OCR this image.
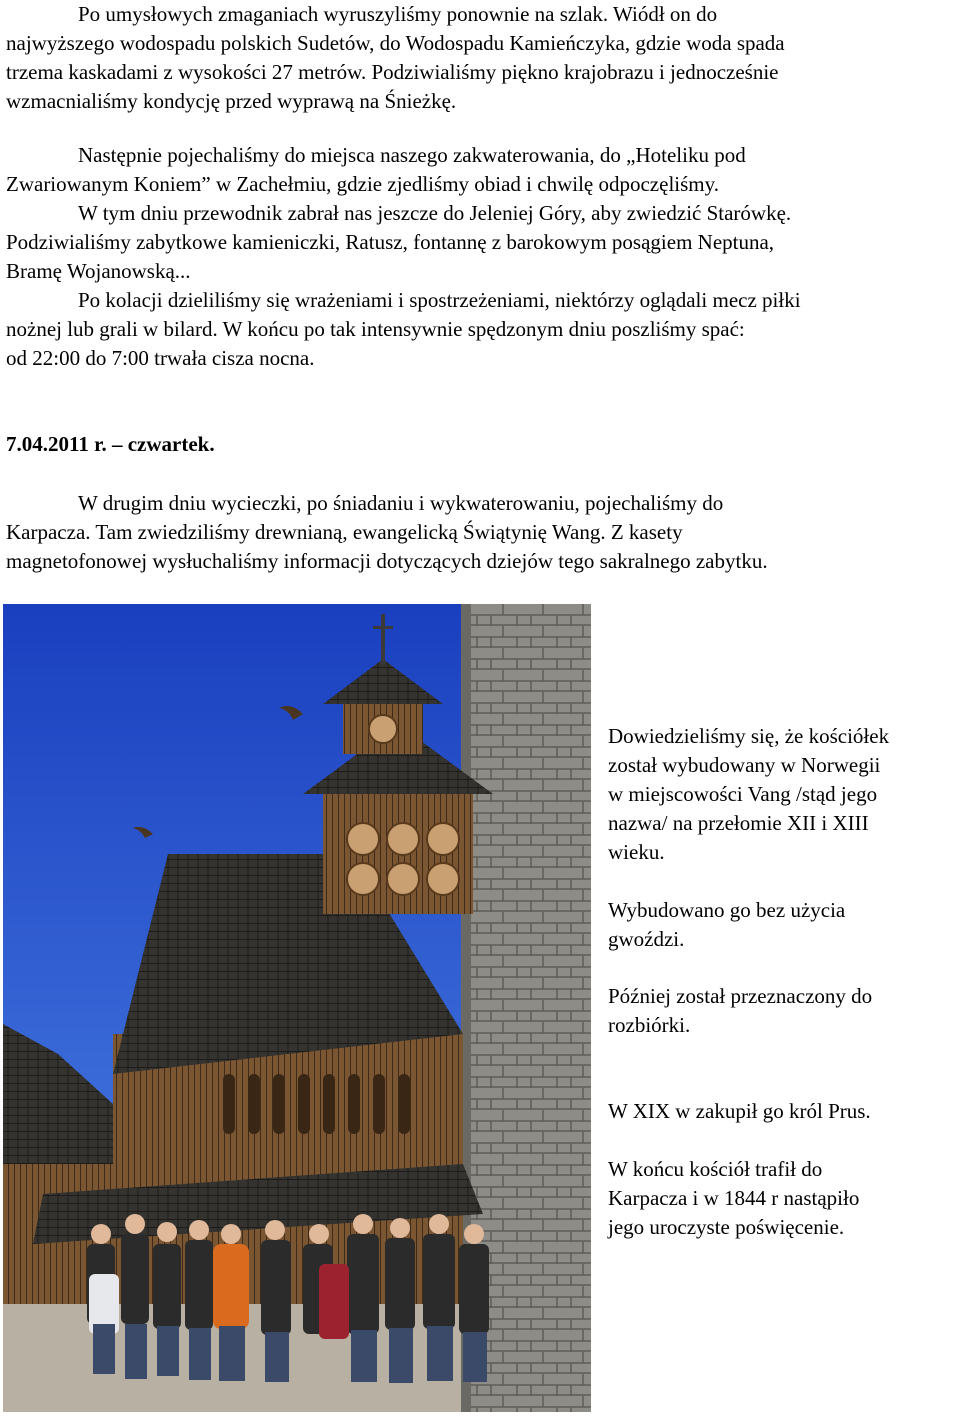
Po umysłowych zmaganiach wyruszyliśmy ponownie na szlak. Wiódł on do
najwyższego wodospadu polskich Sudetów, do Wodospadu Kamieńczyka, gdzie woda spada
trzema kaskadami z wysokości 27 metrów. Podziwialiśmy piękno krajobrazu i jednocześnie
wzmacnialiśmy kondycję przed wyprawą na Śnieżkę.

Następnie pojechaliśmy do miejsca naszego zakwaterowania, do „Hoteliku pod
Zwariowanym Koniem” w Zachełmiu, gdzie zjedliśmy obiad i chwilę odpoczęliśmy.
W tym dniu przewodnik zabrał nas jeszcze do Jeleniej Góry, aby zwiedzić Starówkę.
Podziwialiśmy zabytkowe kamieniczki, Ratusz, fontannę z barokowym posągiem Neptuna,
Bramę Wojanowską...
Po kolacji dzieliliśmy się wrażeniami i spostrzeżeniami, niektórzy oglądali mecz piłki
nożnej lub grali w bilard. W końcu po tak intensywnie spędzonym dniu poszliśmy spać:
od 22:00 do 7:00 trwała cisza nocna.

7.04.2011 r. – czwartek.

W drugim dniu wycieczki, po śniadaniu i wykwaterowaniu, pojechaliśmy do
Karpacza. Tam zwiedziliśmy drewnianą, ewangelicką Świątynię Wang. Z kasety
magnetofonowej wysłuchaliśmy informacji dotyczących dziejów tego sakralnego zabytku.

Dowiedzieliśmy się, że kościółek
został wybudowany w Norwegii
w miejscowości Vang /stąd jego
nazwa/ na przełomie XII i XIII
wieku.

Wybudowano go bez użycia
gwoździ.

Później został przeznaczony do
rozbiórki.

W XIX w zakupił go król Prus.

W końcu kościół trafił do
Karpacza i w 1844 r nastąpiło
jego uroczyste poświęcenie.
